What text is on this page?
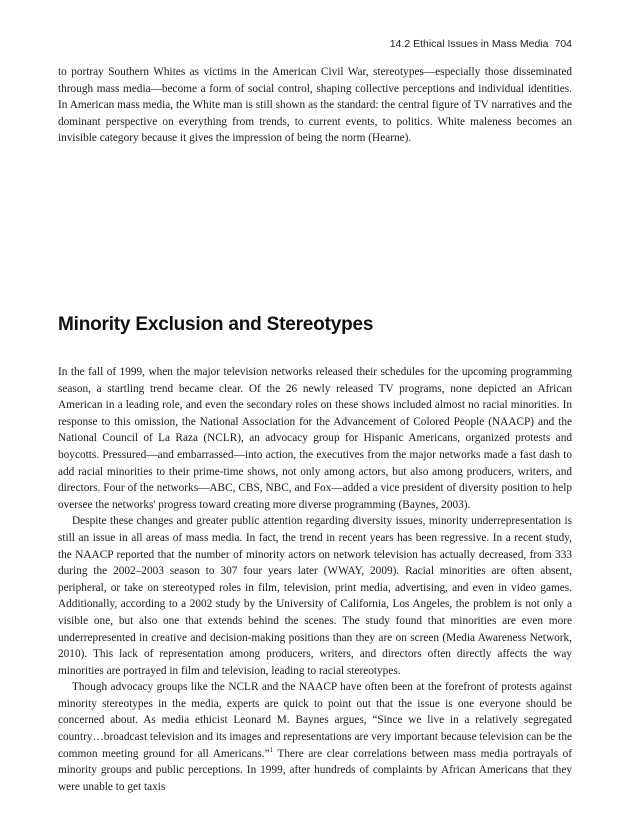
14.2 Ethical Issues in Mass Media 704

to portray Southern Whites as victims in the American Civil War, stereotypes—especially those disseminated through mass media—become a form of social control, shaping collective perceptions and individual identities. In American mass media, the White man is still shown as the standard: the central figure of TV narratives and the dominant perspective on everything from trends, to current events, to politics. White maleness becomes an invisible category because it gives the impression of being the norm (Hearne).

Minority Exclusion and Stereotypes

In the fall of 1999, when the major television networks released their schedules for the upcoming programming season, a startling trend became clear. Of the 26 newly released TV programs, none depicted an African American in a leading role, and even the secondary roles on these shows included almost no racial minorities. In response to this omission, the National Association for the Advancement of Colored People (NAACP) and the National Council of La Raza (NCLR), an advocacy group for Hispanic Americans, organized protests and boycotts. Pressured—and embarrassed—into action, the executives from the major networks made a fast dash to add racial minorities to their prime-time shows, not only among actors, but also among producers, writers, and directors. Four of the networks—ABC, CBS, NBC, and Fox—added a vice president of diversity position to help oversee the networks' progress toward creating more diverse programming (Baynes, 2003).

Despite these changes and greater public attention regarding diversity issues, minority underrepresentation is still an issue in all areas of mass media. In fact, the trend in recent years has been regressive. In a recent study, the NAACP reported that the number of minority actors on network television has actually decreased, from 333 during the 2002–2003 season to 307 four years later (WWAY, 2009). Racial minorities are often absent, peripheral, or take on stereotyped roles in film, television, print media, advertising, and even in video games. Additionally, according to a 2002 study by the University of California, Los Angeles, the problem is not only a visible one, but also one that extends behind the scenes. The study found that minorities are even more underrepresented in creative and decision-making positions than they are on screen (Media Awareness Network, 2010). This lack of representation among producers, writers, and directors often directly affects the way minorities are portrayed in film and television, leading to racial stereotypes.

Though advocacy groups like the NCLR and the NAACP have often been at the forefront of protests against minority stereotypes in the media, experts are quick to point out that the issue is one everyone should be concerned about. As media ethicist Leonard M. Baynes argues, “Since we live in a relatively segregated country…broadcast television and its images and representations are very important because television can be the common meeting ground for all Americans.”$^1$ There are clear correlations between mass media portrayals of minority groups and public perceptions. In 1999, after hundreds of complaints by African Americans that they were unable to get taxis
